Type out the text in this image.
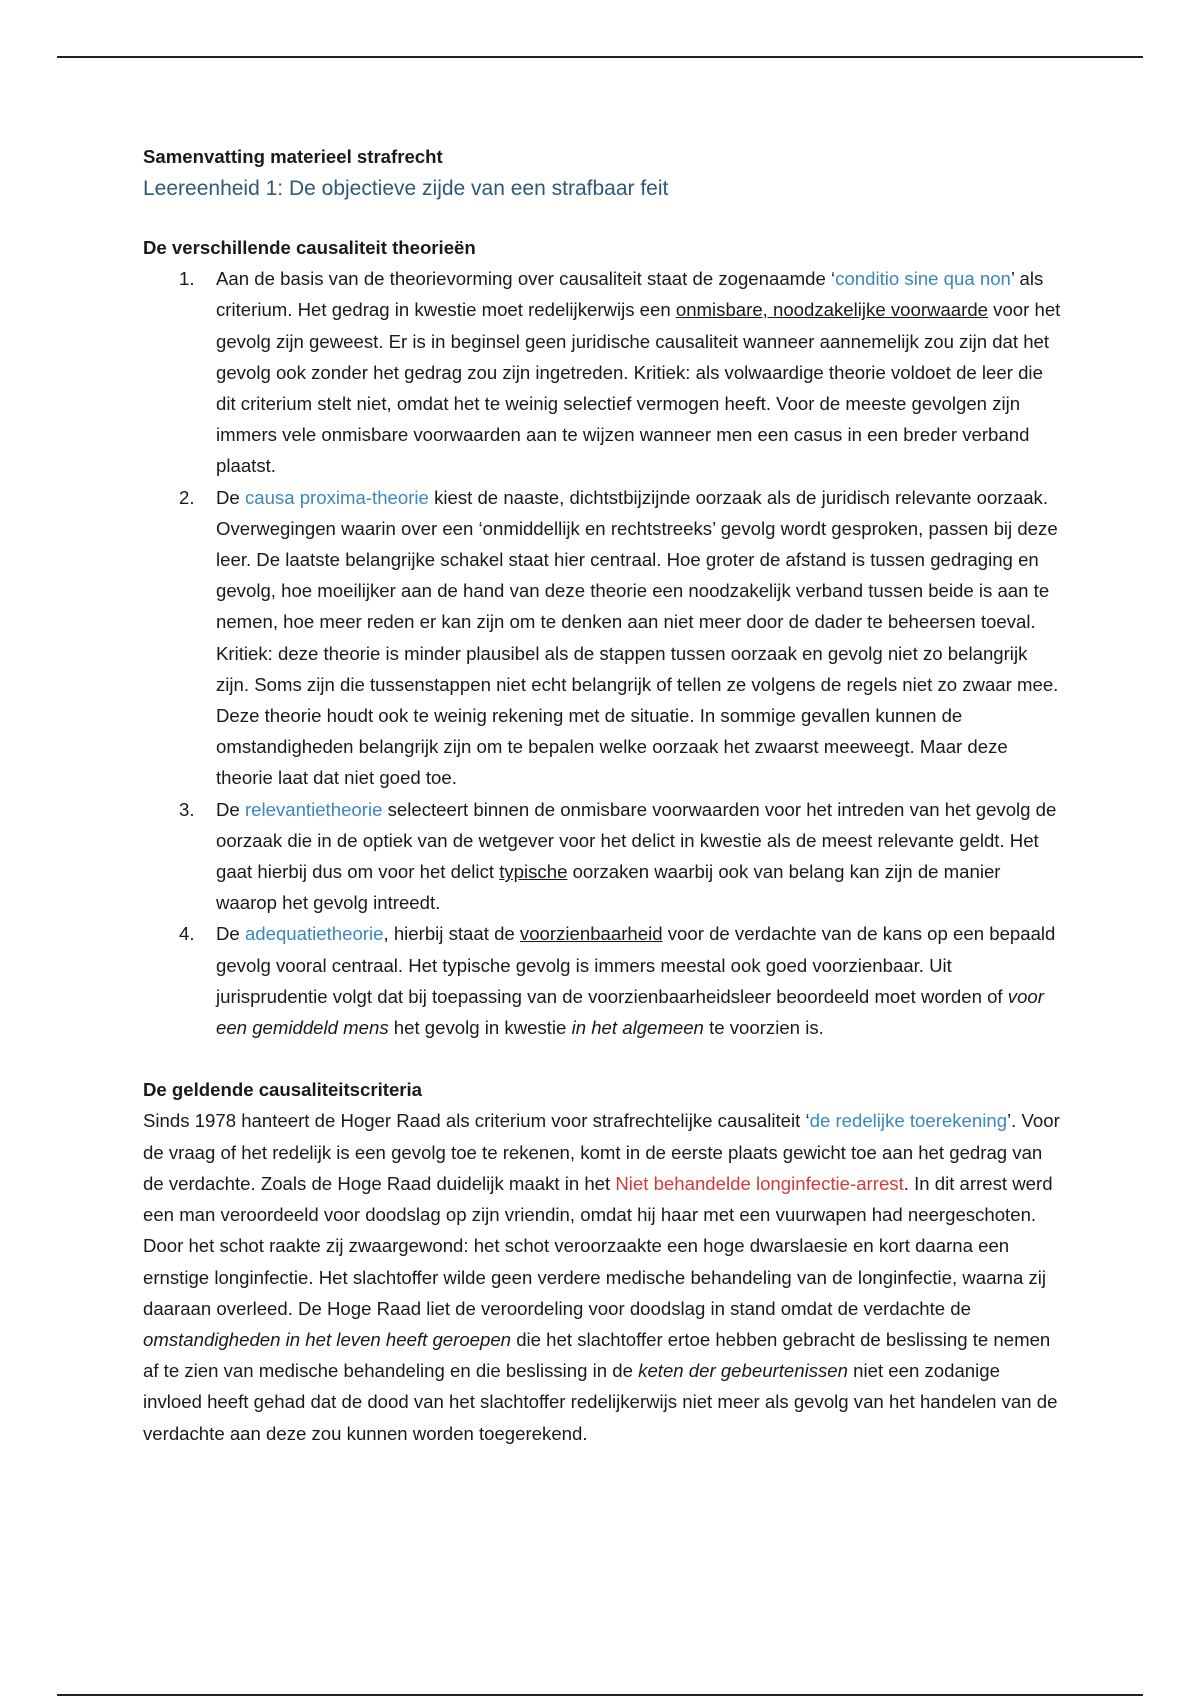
Samenvatting materieel strafrecht

Leereenheid 1: De objectieve zijde van een strafbaar feit

De verschillende causaliteit theorieën

1. Aan de basis van de theorievorming over causaliteit staat de zogenaamde ‘conditio sine qua non’ als criterium. Het gedrag in kwestie moet redelijkerwijs een onmisbare, noodzakelijke voorwaarde voor het gevolg zijn geweest. Er is in beginsel geen juridische causaliteit wanneer aannemelijk zou zijn dat het gevolg ook zonder het gedrag zou zijn ingetreden. Kritiek: als volwaardige theorie voldoet de leer die dit criterium stelt niet, omdat het te weinig selectief vermogen heeft. Voor de meeste gevolgen zijn immers vele onmisbare voorwaarden aan te wijzen wanneer men een casus in een breder verband plaatst.
2. De causa proxima-theorie kiest de naaste, dichtstbijzijnde oorzaak als de juridisch relevante oorzaak. Overwegingen waarin over een ‘onmiddellijk en rechtstreeks’ gevolg wordt gesproken, passen bij deze leer. De laatste belangrijke schakel staat hier centraal. Hoe groter de afstand is tussen gedraging en gevolg, hoe moeilijker aan de hand van deze theorie een noodzakelijk verband tussen beide is aan te nemen, hoe meer reden er kan zijn om te denken aan niet meer door de dader te beheersen toeval. Kritiek: deze theorie is minder plausibel als de stappen tussen oorzaak en gevolg niet zo belangrijk zijn. Soms zijn die tussenstappen niet echt belangrijk of tellen ze volgens de regels niet zo zwaar mee. Deze theorie houdt ook te weinig rekening met de situatie. In sommige gevallen kunnen de omstandigheden belangrijk zijn om te bepalen welke oorzaak het zwaarst meeweegt. Maar deze theorie laat dat niet goed toe.
3. De relevantietheorie selecteert binnen de onmisbare voorwaarden voor het intreden van het gevolg de oorzaak die in de optiek van de wetgever voor het delict in kwestie als de meest relevante geldt. Het gaat hierbij dus om voor het delict typische oorzaken waarbij ook van belang kan zijn de manier waarop het gevolg intreedt.
4. De adequatietheorie, hierbij staat de voorzienbaarheid voor de verdachte van de kans op een bepaald gevolg vooral centraal. Het typische gevolg is immers meestal ook goed voorzienbaar. Uit jurisprudentie volgt dat bij toepassing van de voorzienbaarheidsleer beoordeeld moet worden of voor een gemiddeld mens het gevolg in kwestie in het algemeen te voorzien is.

De geldende causaliteitscriteria

Sinds 1978 hanteert de Hoger Raad als criterium voor strafrechtelijke causaliteit ‘de redelijke toerekening’. Voor de vraag of het redelijk is een gevolg toe te rekenen, komt in de eerste plaats gewicht toe aan het gedrag van de verdachte. Zoals de Hoge Raad duidelijk maakt in het Niet behandelde longinfectie-arrest. In dit arrest werd een man veroordeeld voor doodslag op zijn vriendin, omdat hij haar met een vuurwapen had neergeschoten. Door het schot raakte zij zwaargewond: het schot veroorzaakte een hoge dwarslaesie en kort daarna een ernstige longinfectie. Het slachtoffer wilde geen verdere medische behandeling van de longinfectie, waarna zij daaraan overleed. De Hoge Raad liet de veroordeling voor doodslag in stand omdat de verdachte de omstandigheden in het leven heeft geroepen die het slachtoffer ertoe hebben gebracht de beslissing te nemen af te zien van medische behandeling en die beslissing in de keten der gebeurtenissen niet een zodanige invloed heeft gehad dat de dood van het slachtoffer redelijkerwijs niet meer als gevolg van het handelen van de verdachte aan deze zou kunnen worden toegerekend.
